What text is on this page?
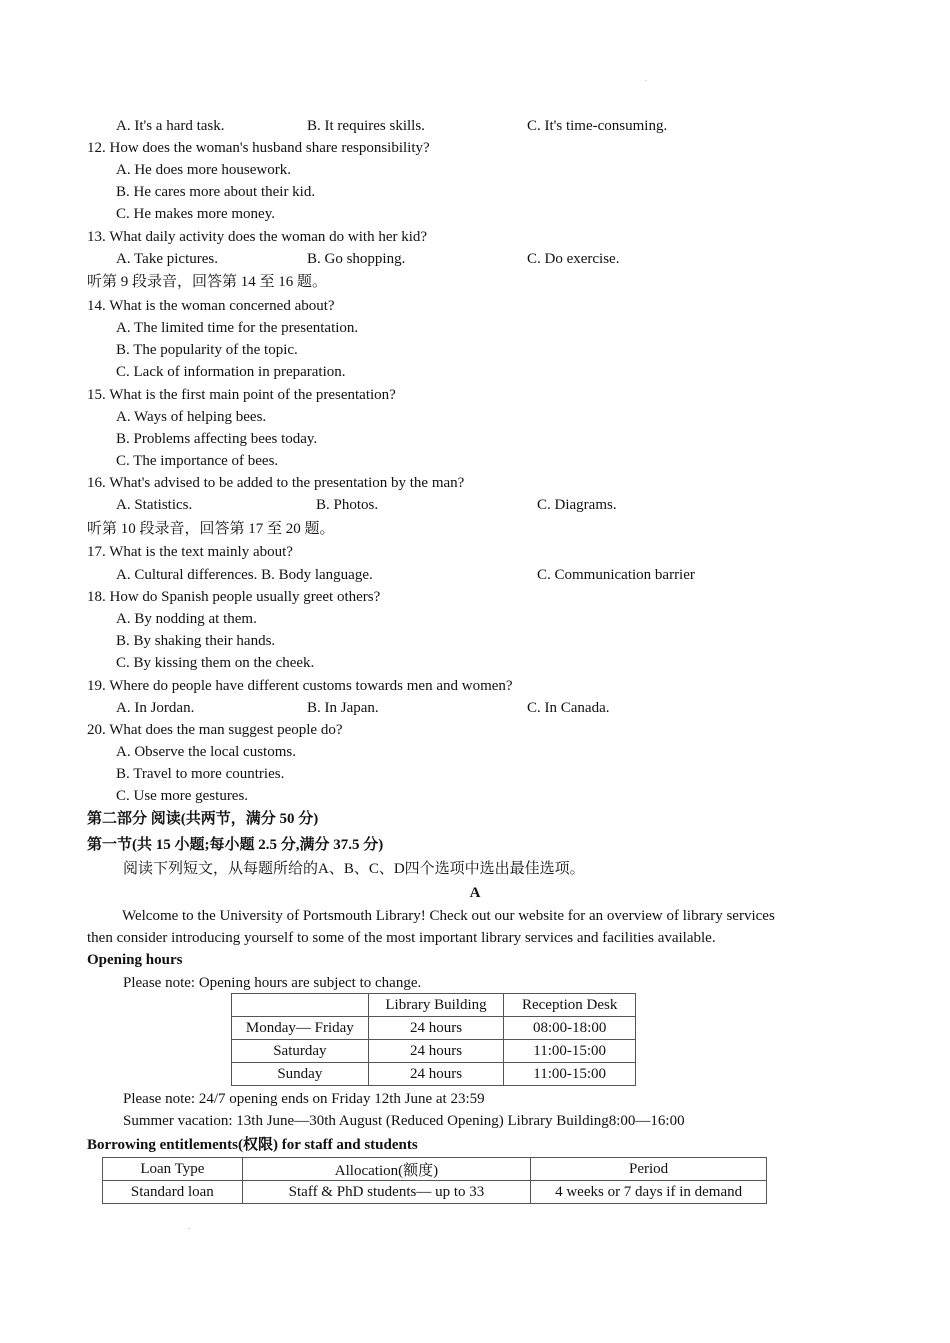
.
A. It's a hard task.	B. It requires skills.	C. It's time-consuming.
12. How does the woman's husband share responsibility?
A. He does more housework.
B. He cares more about their kid.
C. He makes more money.
13. What daily activity does the woman do with her kid?
A. Take pictures.	B. Go shopping.	C. Do exercise.
听第 9 段录音，回答第 14 至 16 题。
14. What is the woman concerned about?
A. The limited time for the presentation.
B. The popularity of the topic.
C. Lack of information in preparation.
15. What is the first main point of the presentation?
A. Ways of helping bees.
B. Problems affecting bees today.
C. The importance of bees.
16. What's advised to be added to the presentation by the man?
A. Statistics.	B. Photos.	C. Diagrams.
听第 10 段录音，回答第 17 至 20 题。
17. What is the text mainly about?
A. Cultural differences. B. Body language.	C. Communication barrier
18. How do Spanish people usually greet others?
A. By nodding at them.
B. By shaking their hands.
C. By kissing them on the cheek.
19. Where do people have different customs towards men and women?
A. In Jordan.	B. In Japan.	C. In Canada.
20. What does the man suggest people do?
A. Observe the local customs.
B. Travel to more countries.
C. Use more gestures.
第二部分 阅读(共两节，满分 50 分)
第一节(共 15 小题;每小题 2.5 分,满分 37.5 分)
阅读下列短文，从每题所给的A、B、C、D四个选项中选出最佳选项。
A
Welcome to the University of Portsmouth Library! Check out our website for an overview of library services
then consider introducing yourself to some of the most important library services and facilities available.
Opening hours
Please note: Opening hours are subject to change.
	Library Building	Reception Desk
Monday— Friday	24 hours	08:00-18:00
Saturday	24 hours	11:00-15:00
Sunday	24 hours	11:00-15:00
Please note: 24/7 opening ends on Friday 12th June at 23:59
Summer vacation: 13th June—30th August (Reduced Opening) Library Building8:00—16:00
Borrowing entitlements(权限) for staff and students
Loan Type	Allocation(额度)	Period
Standard loan	Staff & PhD students— up to 33	4 weeks or 7 days if in demand
.
